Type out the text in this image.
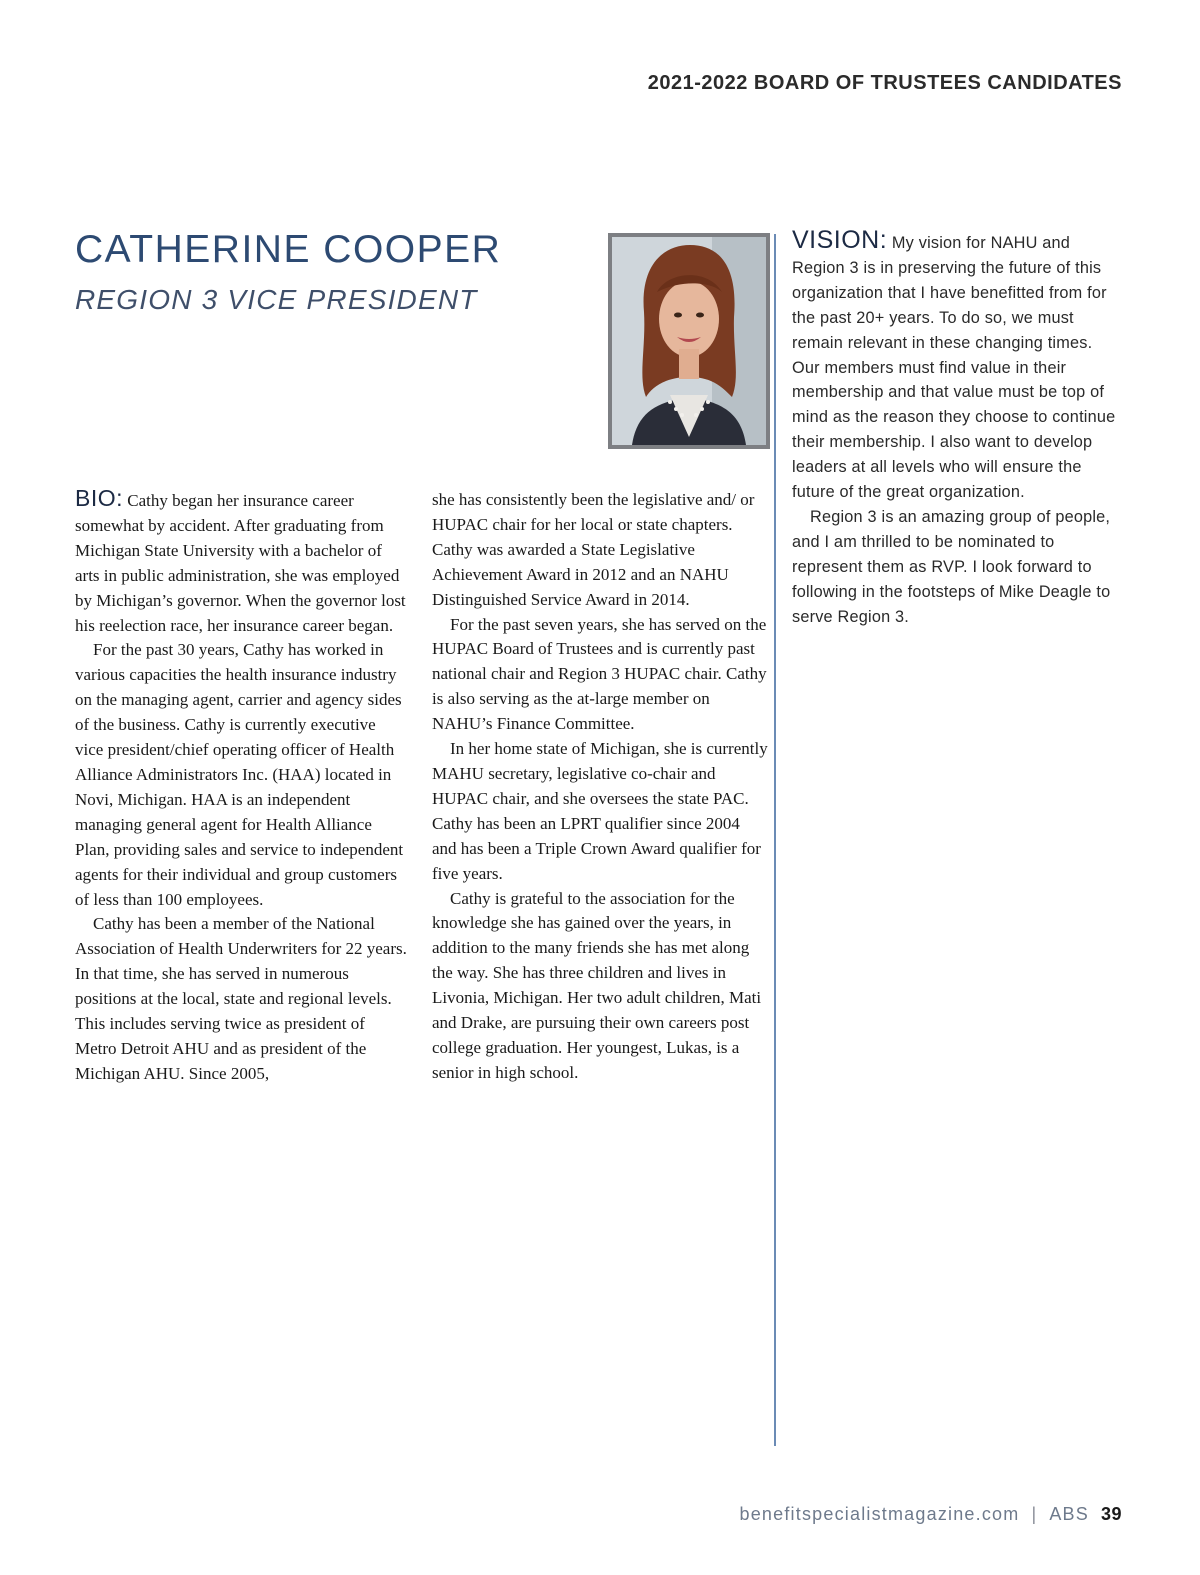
2021-2022 BOARD OF TRUSTEES CANDIDATES
CATHERINE COOPER
REGION 3 VICE PRESIDENT

BIO: Cathy began her insurance career somewhat by accident. After graduating from Michigan State University with a bachelor of arts in public administration, she was employed by Michigan’s governor. When the governor lost his reelection race, her insurance career began.

For the past 30 years, Cathy has worked in various capacities the health insurance industry on the managing agent, carrier and agency sides of the business. Cathy is currently executive vice president/chief operating officer of Health Alliance Administrators Inc. (HAA) located in Novi, Michigan. HAA is an independent managing general agent for Health Alliance Plan, providing sales and service to independent agents for their individual and group customers of less than 100 employees.

Cathy has been a member of the National Association of Health Underwriters for 22 years. In that time, she has served in numerous positions at the local, state and regional levels. This includes serving twice as president of Metro Detroit AHU and as president of the Michigan AHU. Since 2005,

she has consistently been the legislative and/ or HUPAC chair for her local or state chapters. Cathy was awarded a State Legislative Achievement Award in 2012 and an NAHU Distinguished Service Award in 2014.

For the past seven years, she has served on the HUPAC Board of Trustees and is currently past national chair and Region 3 HUPAC chair. Cathy is also serving as the at-large member on NAHU’s Finance Committee.

In her home state of Michigan, she is currently MAHU secretary, legislative co-chair and HUPAC chair, and she oversees the state PAC. Cathy has been an LPRT qualifier since 2004 and has been a Triple Crown Award qualifier for five years.

Cathy is grateful to the association for the knowledge she has gained over the years, in addition to the many friends she has met along the way. She has three children and lives in Livonia, Michigan. Her two adult children, Mati and Drake, are pursuing their own careers post college graduation. Her youngest, Lukas, is a senior in high school.

VISION: My vision for NAHU and Region 3 is in preserving the future of this organization that I have benefitted from for the past 20+ years. To do so, we must remain relevant in these changing times. Our members must find value in their membership and that value must be top of mind as the reason they choose to continue their membership. I also want to develop leaders at all levels who will ensure the future of the great organization.

Region 3 is an amazing group of people, and I am thrilled to be nominated to represent them as RVP. I look forward to following in the footsteps of Mike Deagle to serve Region 3.

benefitspecialistmagazine.com | ABS 39
